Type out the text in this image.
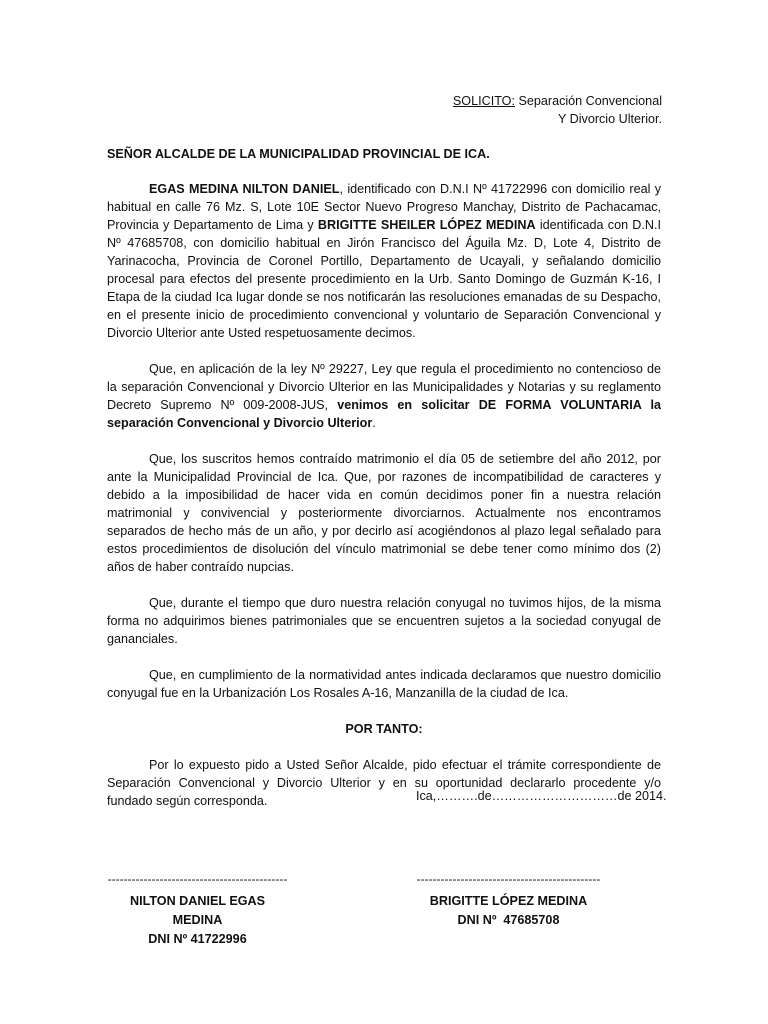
SOLICITO: Separación Convencional
Y Divorcio Ulterior.
SEÑOR ALCALDE DE LA MUNICIPALIDAD PROVINCIAL DE ICA.

EGAS MEDINA NILTON DANIEL, identificado con D.N.I Nº 41722996 con domicilio real y habitual en calle 76 Mz. S, Lote 10E Sector Nuevo Progreso Manchay, Distrito de Pachacamac, Provincia y Departamento de Lima y BRIGITTE SHEILER LÓPEZ MEDINA identificada con D.N.I Nº 47685708, con domicilio habitual en Jirón Francisco del Águila Mz. D, Lote 4, Distrito de Yarinacocha, Provincia de Coronel Portillo, Departamento de Ucayali, y señalando domicilio procesal para efectos del presente procedimiento en la Urb. Santo Domingo de Guzmán K-16, I Etapa de la ciudad Ica lugar donde se nos notificarán las resoluciones emanadas de su Despacho, en el presente inicio de procedimiento convencional y voluntario de Separación Convencional y Divorcio Ulterior ante Usted respetuosamente decimos.

Que, en aplicación de la ley Nº 29227, Ley que regula el procedimiento no contencioso de la separación Convencional y Divorcio Ulterior en las Municipalidades y Notarias y su reglamento Decreto Supremo Nº 009-2008-JUS, venimos en solicitar DE FORMA VOLUNTARIA la separación Convencional y Divorcio Ulterior.

Que, los suscritos hemos contraído matrimonio el día 05 de setiembre del año 2012, por ante la Municipalidad Provincial de Ica. Que, por razones de incompatibilidad de caracteres y debido a la imposibilidad de hacer vida en común decidimos poner fin a nuestra relación matrimonial y convivencial y posteriormente divorciarnos. Actualmente nos encontramos separados de hecho más de un año, y por decirlo así acogiéndonos al plazo legal señalado para estos procedimientos de disolución del vínculo matrimonial se debe tener como mínimo dos (2) años de haber contraído nupcias.

Que, durante el tiempo que duro nuestra relación conyugal no tuvimos hijos, de la misma forma no adquirimos bienes patrimoniales que se encuentren sujetos a la sociedad conyugal de gananciales.

Que, en cumplimiento de la normatividad antes indicada declaramos que nuestro domicilio conyugal fue en la Urbanización Los Rosales A-16, Manzanilla de la ciudad de Ica.

POR TANTO:

Por lo expuesto pido a Usted Señor Alcalde, pido efectuar el trámite correspondiente de Separación Convencional y Divorcio Ulterior y en su oportunidad declararlo procedente y/o fundado según corresponda.	Ica,……….de…………………………de 2014.
---------------------------------------------
NILTON DANIEL EGAS MEDINA
DNI Nº 41722996
----------------------------------------------
BRIGITTE LÓPEZ MEDINA
DNI Nº  47685708
